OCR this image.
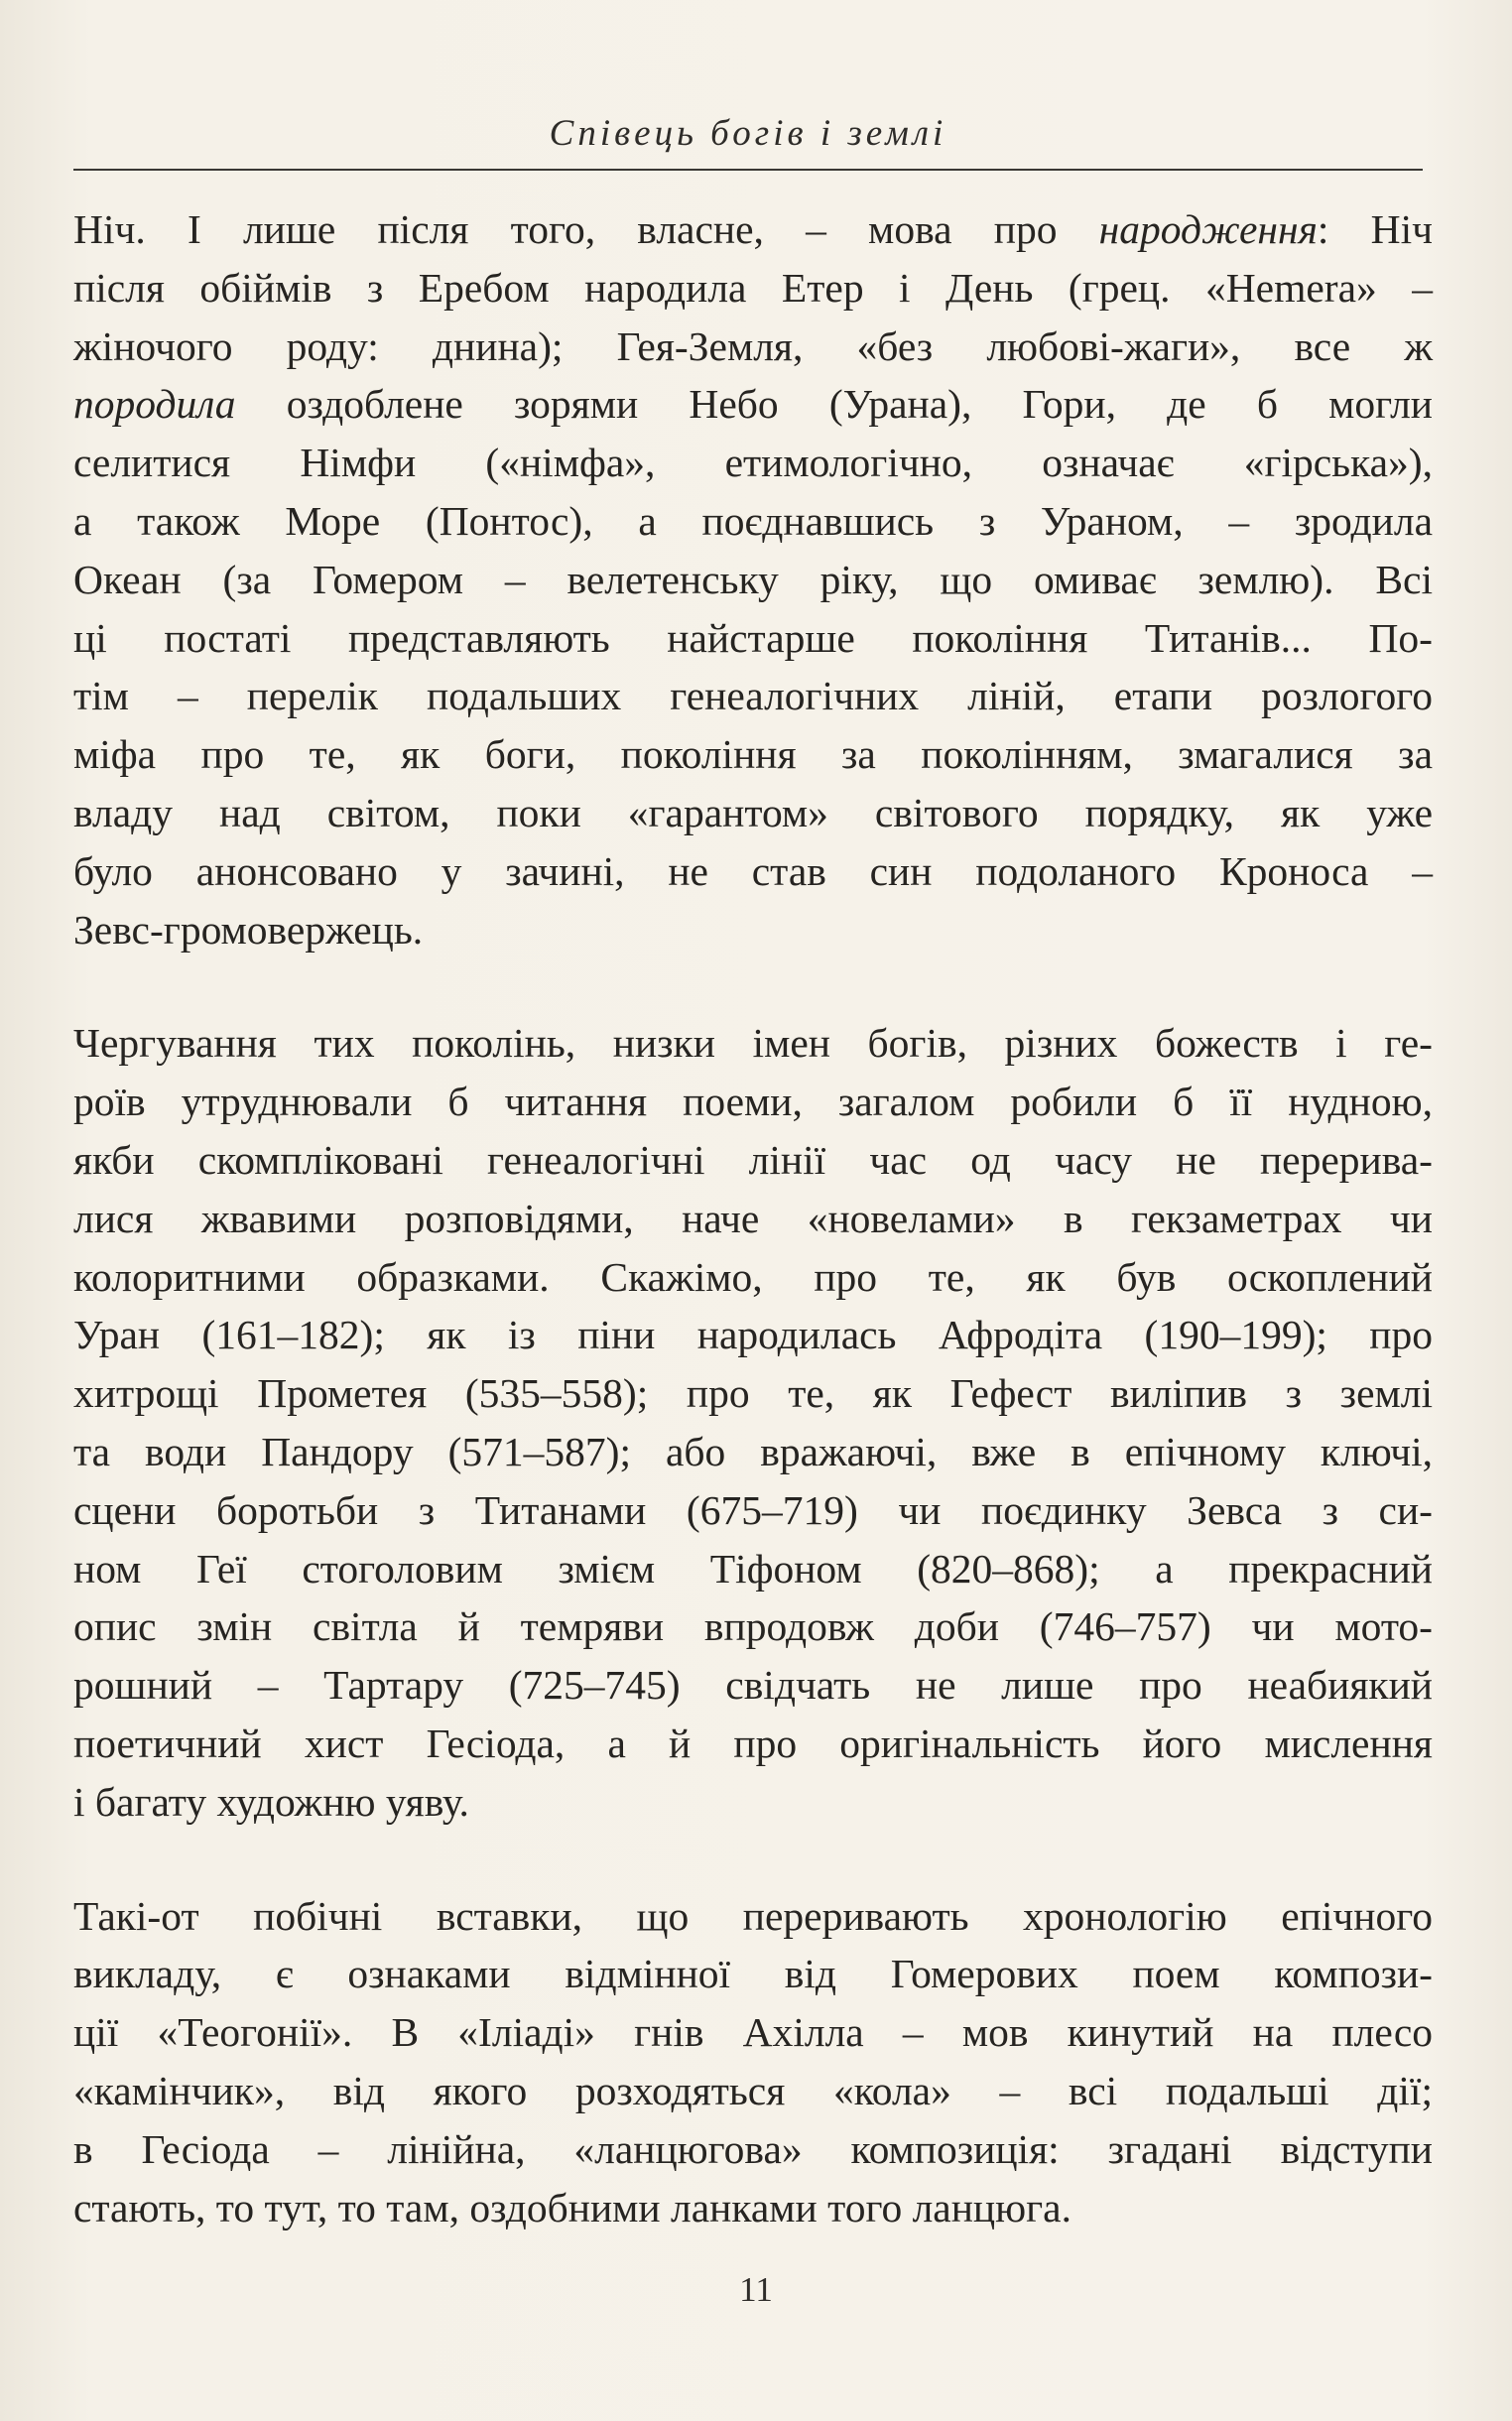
Співець богів і землі
Ніч. І лише після того, власне, – мова про народження: Ніч
після обіймів з Еребом народила Етер і День (грец. «Hemera» –
жіночого роду: днина); Гея-Земля, «без любові-жаги», все ж
породила оздоблене зорями Небо (Урана), Гори, де б могли
селитися Німфи («німфа», етимологічно, означає «гірська»),
а також Море (Понтос), а поєднавшись з Ураном, – зродила
Океан (за Гомером – велетенську ріку, що омиває землю). Всі
ці постаті представляють найстарше покоління Титанів... По-
тім – перелік подальших генеалогічних ліній, етапи розлогого
міфа про те, як боги, покоління за поколінням, змагалися за
владу над світом, поки «гарантом» світового порядку, як уже
було анонсовано у зачині, не став син подоланого Кроноса –
Зевс-громовержець.
Чергування тих поколінь, низки імен богів, різних божеств і ге-
роїв утруднювали б читання поеми, загалом робили б її нудною,
якби скомпліковані генеалогічні лінії час од часу не перерива-
лися жвавими розповідями, наче «новелами» в гекзаметрах чи
колоритними образками. Скажімо, про те, як був оскоплений
Уран (161–182); як із піни народилась Афродіта (190–199); про
хитрощі Прометея (535–558); про те, як Гефест виліпив з землі
та води Пандору (571–587); або вражаючі, вже в епічному ключі,
сцени боротьби з Титанами (675–719) чи поєдинку Зевса з си-
ном Геї стоголовим змієм Тіфоном (820–868); а прекрасний
опис змін світла й темряви впродовж доби (746–757) чи мото-
рошний – Тартару (725–745) свідчать не лише про неабиякий
поетичний хист Гесіода, а й про оригінальність його мислення
і багату художню уяву.
Такі-от побічні вставки, що переривають хронологію епічного
викладу, є ознаками відмінної від Гомерових поем компози-
ції «Теогонії». В «Іліаді» гнів Ахілла – мов кинутий на плесо
«камінчик», від якого розходяться «кола» – всі подальші дії;
в Гесіода – лінійна, «ланцюгова» композиція: згадані відступи
стають, то тут, то там, оздобними ланками того ланцюга.
11
